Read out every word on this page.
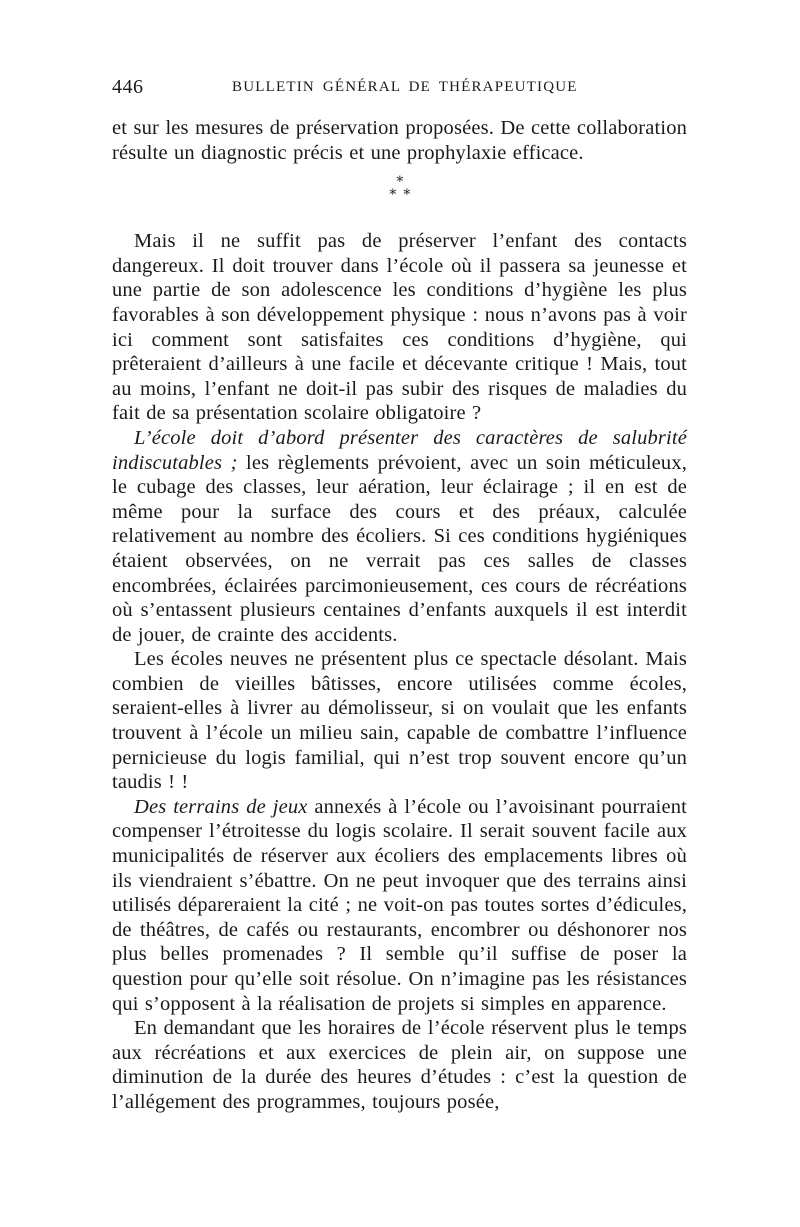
446	BULLETIN GÉNÉRAL DE THÉRAPEUTIQUE

et sur les mesures de préservation proposées. De cette collaboration résulte un diagnostic précis et une prophylaxie efficace.

*
* *

Mais il ne suffit pas de préserver l’enfant des contacts dangereux. Il doit trouver dans l’école où il passera sa jeunesse et une partie de son adolescence les conditions d’hygiène les plus favorables à son développement physique : nous n’avons pas à voir ici comment sont satisfaites ces conditions d’hygiène, qui prêteraient d’ailleurs à une facile et décevante critique ! Mais, tout au moins, l’enfant ne doit-il pas subir des risques de maladies du fait de sa présentation scolaire obligatoire ?

L’école doit d’abord présenter des caractères de salubrité indiscutables ; les règlements prévoient, avec un soin méticuleux, le cubage des classes, leur aération, leur éclairage ; il en est de même pour la surface des cours et des préaux, calculée relativement au nombre des écoliers. Si ces conditions hygiéniques étaient observées, on ne verrait pas ces salles de classes encombrées, éclairées parcimonieusement, ces cours de récréations où s’entassent plusieurs centaines d’enfants auxquels il est interdit de jouer, de crainte des accidents.

Les écoles neuves ne présentent plus ce spectacle désolant. Mais combien de vieilles bâtisses, encore utilisées comme écoles, seraient-elles à livrer au démolisseur, si on voulait que les enfants trouvent à l’école un milieu sain, capable de combattre l’influence pernicieuse du logis familial, qui n’est trop souvent encore qu’un taudis ! !

Des terrains de jeux annexés à l’école ou l’avoisinant pourraient compenser l’étroitesse du logis scolaire. Il serait souvent facile aux municipalités de réserver aux écoliers des emplacements libres où ils viendraient s’ébattre. On ne peut invoquer que des terrains ainsi utilisés dépareraient la cité ; ne voit-on pas toutes sortes d’édicules, de théâtres, de cafés ou restaurants, encombrer ou déshonorer nos plus belles promenades ? Il semble qu’il suffise de poser la question pour qu’elle soit résolue. On n’imagine pas les résistances qui s’opposent à la réalisation de projets si simples en apparence.

En demandant que les horaires de l’école réservent plus le temps aux récréations et aux exercices de plein air, on suppose une diminution de la durée des heures d’études : c’est la question de l’allégement des programmes, toujours posée,
